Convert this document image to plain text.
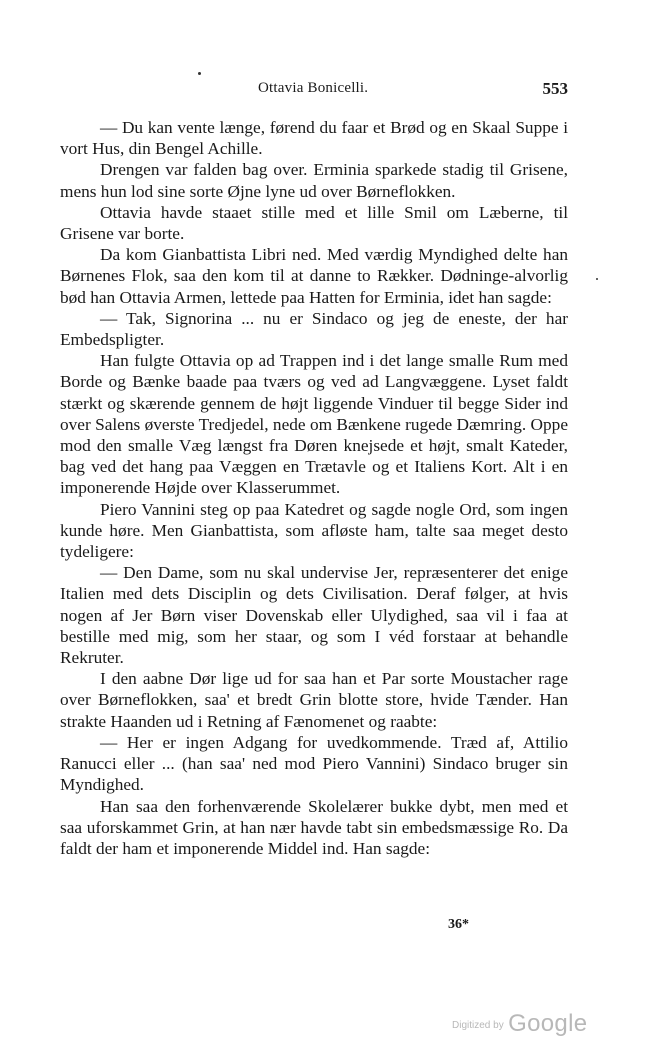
Ottavia Bonicelli.	553

— Du kan vente længe, førend du faar et Brød og en Skaal Suppe i vort Hus, din Bengel Achille.

Drengen var falden bag over. Erminia sparkede stadig til Grisene, mens hun lod sine sorte Øjne lyne ud over Børneflokken.

Ottavia havde staaet stille med et lille Smil om Læberne, til Grisene var borte.

Da kom Gianbattista Libri ned. Med værdig Myndighed delte han Børnenes Flok, saa den kom til at danne to Rækker. Dødninge-alvorlig bød han Ottavia Armen, lettede paa Hatten for Erminia, idet han sagde:

— Tak, Signorina ... nu er Sindaco og jeg de eneste, der har Embedspligter.

Han fulgte Ottavia op ad Trappen ind i det lange smalle Rum med Borde og Bænke baade paa tværs og ved ad Langvæggene. Lyset faldt stærkt og skærende gennem de højt liggende Vinduer til begge Sider ind over Salens øverste Tredjedel, nede om Bænkene rugede Dæmring. Oppe mod den smalle Væg længst fra Døren knejsede et højt, smalt Kateder, bag ved det hang paa Væggen en Trætavle og et Italiens Kort. Alt i en imponerende Højde over Klasserummet.

Piero Vannini steg op paa Katedret og sagde nogle Ord, som ingen kunde høre. Men Gianbattista, som afløste ham, talte saa meget desto tydeligere:

— Den Dame, som nu skal undervise Jer, repræsenterer det enige Italien med dets Disciplin og dets Civilisation. Deraf følger, at hvis nogen af Jer Børn viser Dovenskab eller Ulydighed, saa vil i faa at bestille med mig, som her staar, og som I véd forstaar at behandle Rekruter.

I den aabne Dør lige ud for saa han et Par sorte Moustacher rage over Børneflokken, saa' et bredt Grin blotte store, hvide Tænder. Han strakte Haanden ud i Retning af Fænomenet og raabte:

— Her er ingen Adgang for uvedkommende. Træd af, Attilio Ranucci eller ... (han saa' ned mod Piero Vannini) Sindaco bruger sin Myndighed.

Han saa den forhenværende Skolelærer bukke dybt, men med et saa uforskammet Grin, at han nær havde tabt sin embedsmæssige Ro. Da faldt der ham et imponerende Middel ind. Han sagde:

36*
Digitized by Google
